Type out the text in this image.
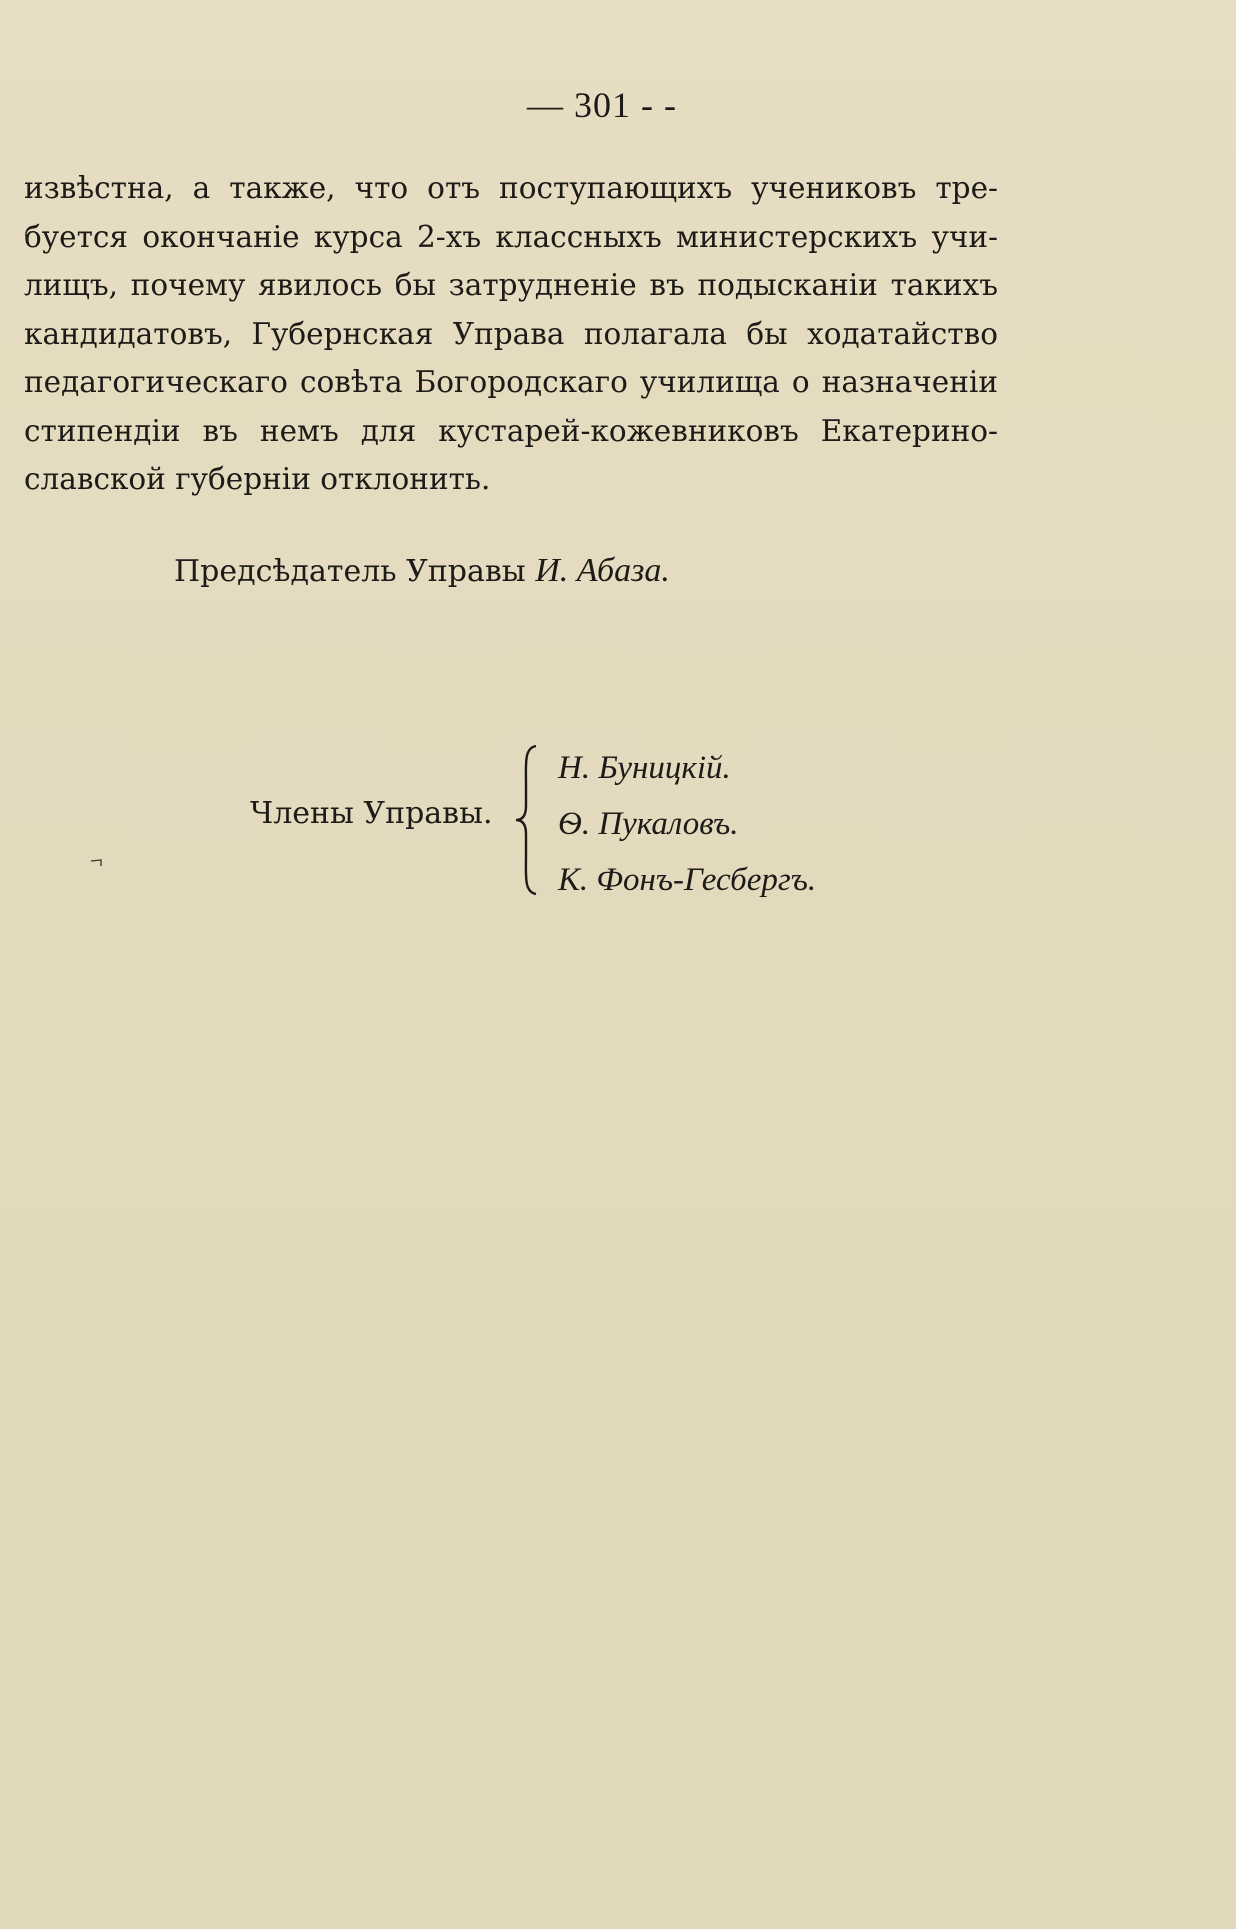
— 301 - -
извѣстна, а также, что отъ поступающихъ учениковъ тре-
буется окончаніе курса 2-хъ классныхъ министерскихъ учи-
лищъ, почему явилось бы затрудненіе въ подысканіи такихъ
кандидатовъ, Губернская Управа полагала бы ходатайство
педагогическаго совѣта Богородскаго училища о назначеніи
стипендіи въ немъ для кустарей-кожевниковъ Екатерино-
славской губерніи отклонить.
Предсѣдатель Управы И. Абаза.
Члены Управы.
Н. Буницкій.
Ѳ. Пукаловъ.
К. Фонъ-Гесбергъ.
